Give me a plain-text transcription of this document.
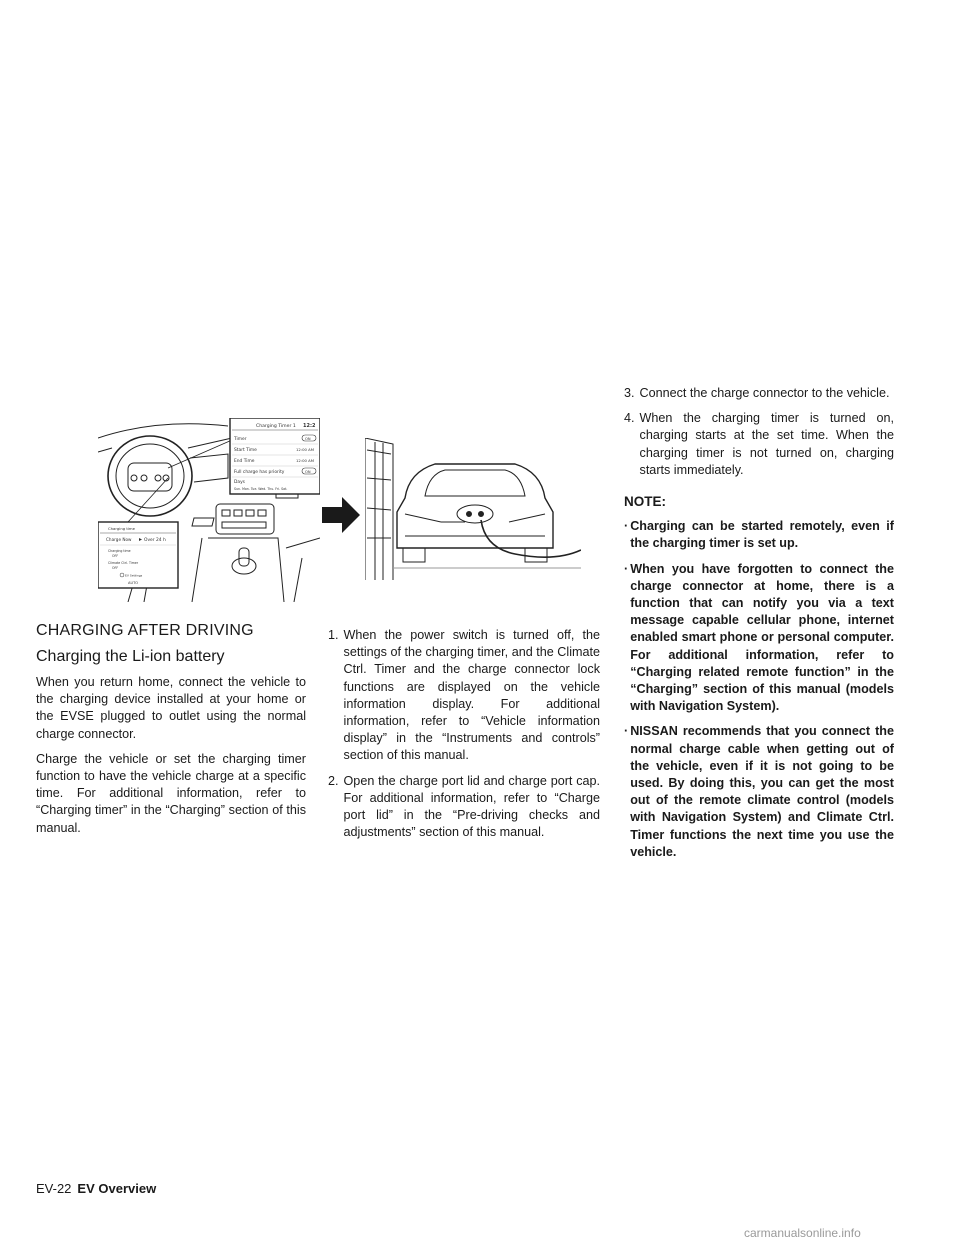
Charging Timer 1 12:2
Timer	ON
Start Time	12:00 AM
End Time	12:00 AM
Full charge has priority	ON
Days
Sun. Mon. Tue. Wed. Thu. Fri. Sat.
Charging time
Charge Now	Over 24 h
Charging time
OFF
Climate Ctrl. Timer
OFF
EV Settings
AUTO
CHARGING AFTER DRIVING
Charging the Li-ion battery

When you return home, connect the vehicle to the charging device installed at your home or the EVSE plugged to outlet using the normal charge connector.

Charge the vehicle or set the charging timer function to have the vehicle charge at a specific time. For additional information, refer to “Charging timer” in the “Charging” section of this manual.

1. When the power switch is turned off, the settings of the charging timer, and the Climate Ctrl. Timer and the charge connector lock functions are displayed on the vehicle information display. For additional information, refer to “Vehicle information display” in the “Instruments and controls” section of this manual.
2. Open the charge port lid and charge port cap. For additional information, refer to “Charge port lid” in the “Pre-driving checks and adjustments” section of this manual.
3. Connect the charge connector to the vehicle.
4. When the charging timer is turned on, charging starts at the set time. When the charging timer is not turned on, charging starts immediately.
NOTE:
· Charging can be started remotely, even if the charging timer is set up.
· When you have forgotten to connect the charge connector at home, there is a function that can notify you via a text message capable cellular phone, internet enabled smart phone or personal computer. For additional information, refer to “Charging related remote function” in the “Charging” section of this manual (models with Navigation System).
· NISSAN recommends that you connect the normal charge cable when getting out of the vehicle, even if it is not going to be used. By doing this, you can get the most out of the remote climate control (models with Navigation System) and Climate Ctrl. Timer functions the next time you use the vehicle.
EV-22 EV Overview
carmanualsonline.info
